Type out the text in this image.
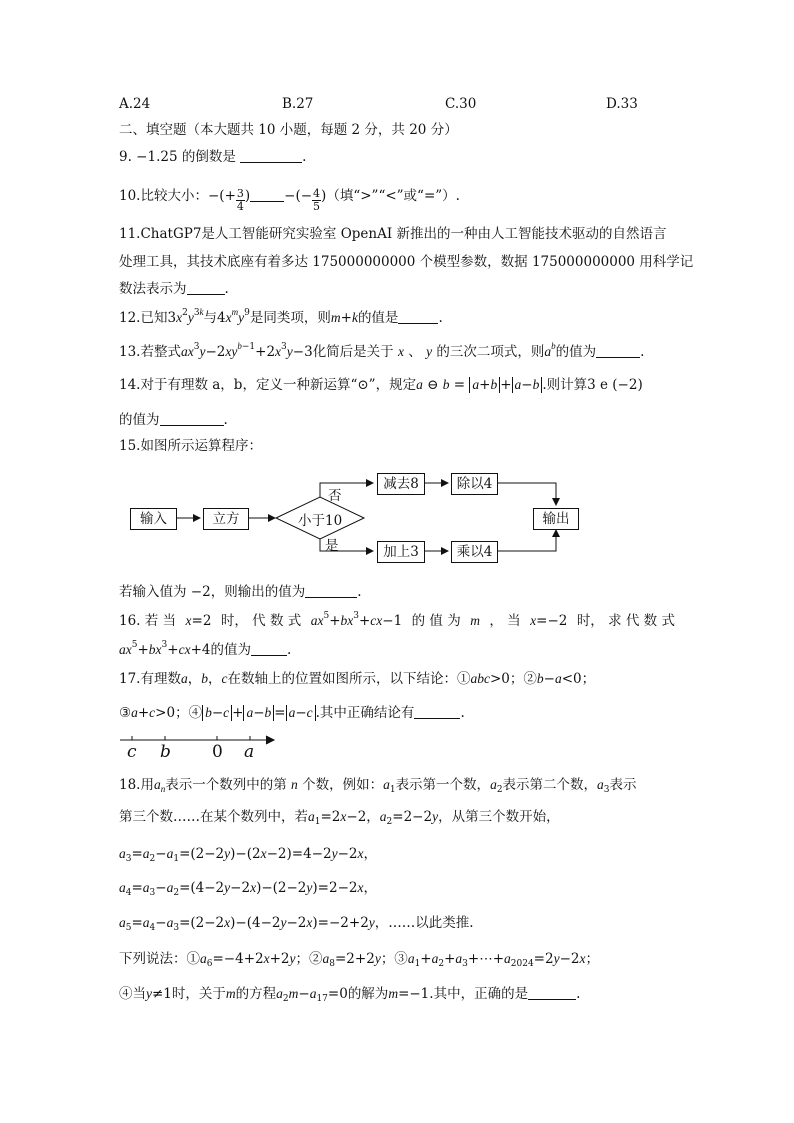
A.24	B.27	C.30	D.33
二、填空题（本大题共 10 小题，每题 2 分，共 20 分）
9. −1.25 的倒数是	.
10.比较大小：−(+ $\frac{3}{4}$ )	−(− $\frac{4}{5}$ )（填“>”“<”或“=”）.
11.ChatGP7是人工智能研究实验室 OpenAI 新推出的一种由人工智能技术驱动的自然语言
处理工具，其技术底座有着多达 175000000000 个模型参数，数据 175000000000 用科学记
数法表示为	.
12.已知$3x^2y^{3k}$与$4x^my^9$是同类项，则m+k的值是	.
13.若整式$ax^3y-2xy^{b-1}+2x^3y-3$化简后是关于 x 、 y 的三次二项式，则$a^b$的值为	.
14.对于有理数 a，b，定义一种新运算“⊙”，规定a ⊖ b = a+b + a−b .则计算3 e (−2)
的值为	.
15.如图所示运算程序：
输入	立方	小于10
否
是
减去8	除以4
加上3	乘以4
输出
若输入值为 −2，则输出的值为	.
16. 若 当 x=2 时， 代 数 式 $ax^5+bx^3+cx-1$ 的 值 为 m ， 当 x=−2 时， 求 代 数 式
$ax^5+bx^3+cx+4$的值为	.
17.有理数a，b，c在数轴上的位置如图所示，以下结论：①abc>0；②b−a<0；
③a+c>0；④ b−c + a−b = a−c .其中正确结论有	.
c b 0 a
18.用$a_n$表示一个数列中的第 n 个数，例如：$a_1$表示第一个数，$a_2$表示第二个数，$a_3$表示
第三个数……在某个数列中，若$a_1=2x-2$，$a_2=2-2y$，从第三个数开始，
$a_3=a_2-a_1=(2-2y)-(2x-2)=4-2y-2x$，
$a_4=a_3-a_2=(4-2y-2x)-(2-2y)=2-2x$，
$a_5=a_4-a_3=(2-2x)-(4-2y-2x)=-2+2y$，……以此类推.
下列说法：$①a_6=-4+2x+2y$；$②a_8=2+2y$；$③a_1+a_2+a_3+\cdots+a_{2024}=2y-2x$；
④当y≠1时，关于m的方程$a_2m-a_{17}=0$的解为m=−1.其中，正确的是	.
